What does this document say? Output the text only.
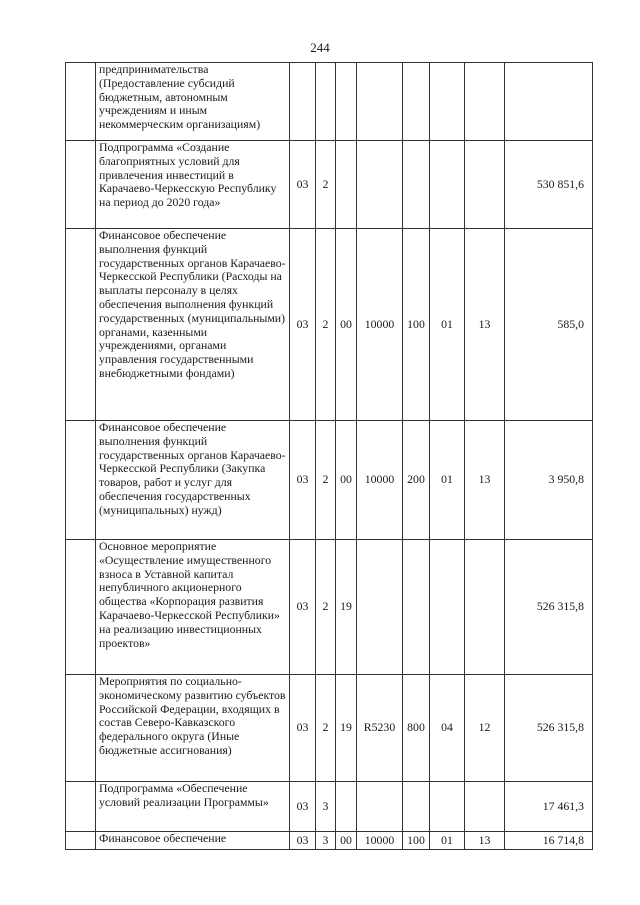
244
	предпринимательства (Предоставление субсидий бюджетным, автономным учреждениям и иным некоммерческим организациям)								
	Подпрограмма «Создание благоприятных условий для привлечения инвестиций в Карачаево-Черкесскую Республику на период до 2020 года»	03	2						530 851,6
	Финансовое обеспечение выполнения функций государственных органов Карачаево-Черкесской Республики (Расходы на выплаты персоналу в целях обеспечения выполнения функций государственных (муниципальными) органами, казенными учреждениями, органами управления государственными внебюджетными фондами)	03	2	00	10000	100	01	13	585,0
	Финансовое обеспечение выполнения функций государственных органов Карачаево-Черкесской Республики (Закупка товаров, работ и услуг для обеспечения государственных (муниципальных) нужд)	03	2	00	10000	200	01	13	3 950,8
	Основное мероприятие «Осуществление имущественного взноса в Уставной капитал непубличного акционерного общества «Корпорация развития Карачаево-Черкесской Республики» на реализацию инвестиционных проектов»	03	2	19					526 315,8
	Мероприятия по социально-экономическому развитию субъектов Российской Федерации, входящих в состав Северо-Кавказского федерального округа (Иные бюджетные ассигнования)	03	2	19	R5230	800	04	12	526 315,8
	Подпрограмма «Обеспечение условий реализации Программы»	03	3						17 461,3
	Финансовое обеспечение	03	3	00	10000	100	01	13	16 714,8
